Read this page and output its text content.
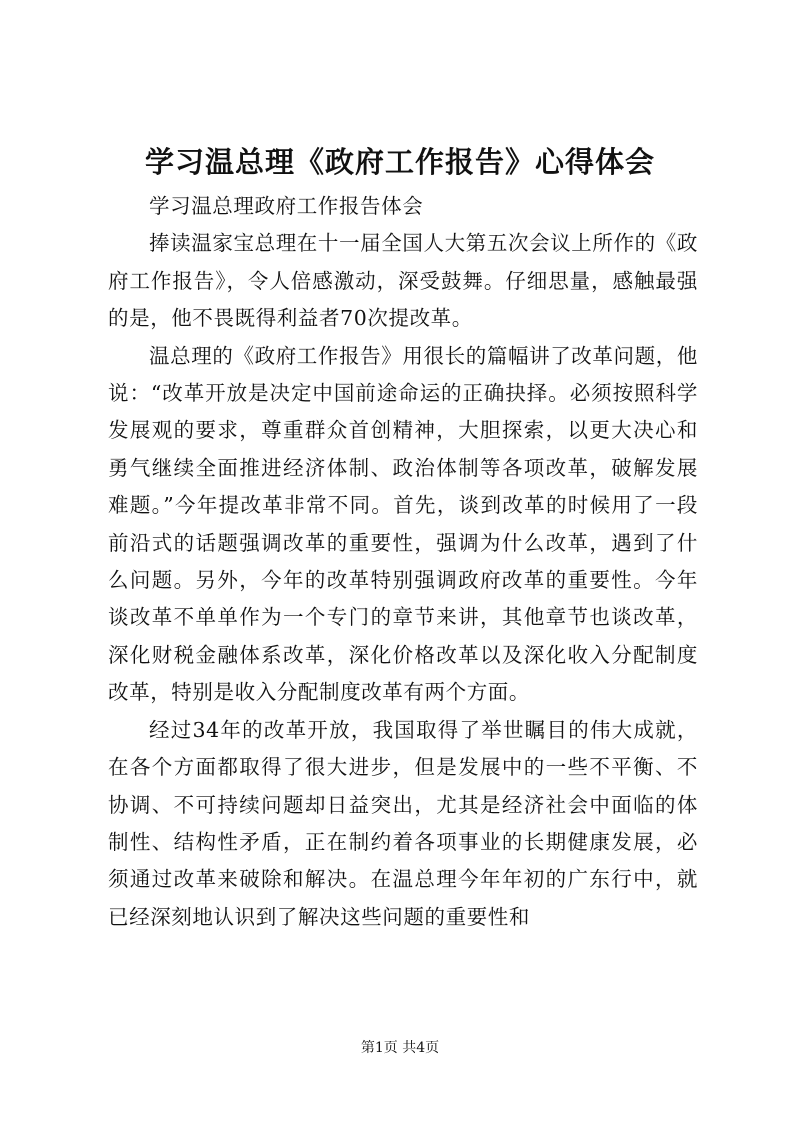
学习温总理《政府工作报告》心得体会

学习温总理政府工作报告体会

捧读温家宝总理在十一届全国人大第五次会议上所作的《政府工作报告》，令人倍感激动，深受鼓舞。仔细思量，感触最强的是，他不畏既得利益者70次提改革。

温总理的《政府工作报告》用很长的篇幅讲了改革问题，他说：“改革开放是决定中国前途命运的正确抉择。必须按照科学发展观的要求，尊重群众首创精神，大胆探索，以更大决心和勇气继续全面推进经济体制、政治体制等各项改革，破解发展难题。”今年提改革非常不同。首先，谈到改革的时候用了一段前沿式的话题强调改革的重要性，强调为什么改革，遇到了什么问题。另外，今年的改革特别强调政府改革的重要性。今年谈改革不单单作为一个专门的章节来讲，其他章节也谈改革，深化财税金融体系改革，深化价格改革以及深化收入分配制度改革，特别是收入分配制度改革有两个方面。

经过34年的改革开放，我国取得了举世瞩目的伟大成就，在各个方面都取得了很大进步，但是发展中的一些不平衡、不协调、不可持续问题却日益突出，尤其是经济社会中面临的体制性、结构性矛盾，正在制约着各项事业的长期健康发展，必须通过改革来破除和解决。在温总理今年年初的广东行中，就已经深刻地认识到了解决这些问题的重要性和

第1页 共4页
